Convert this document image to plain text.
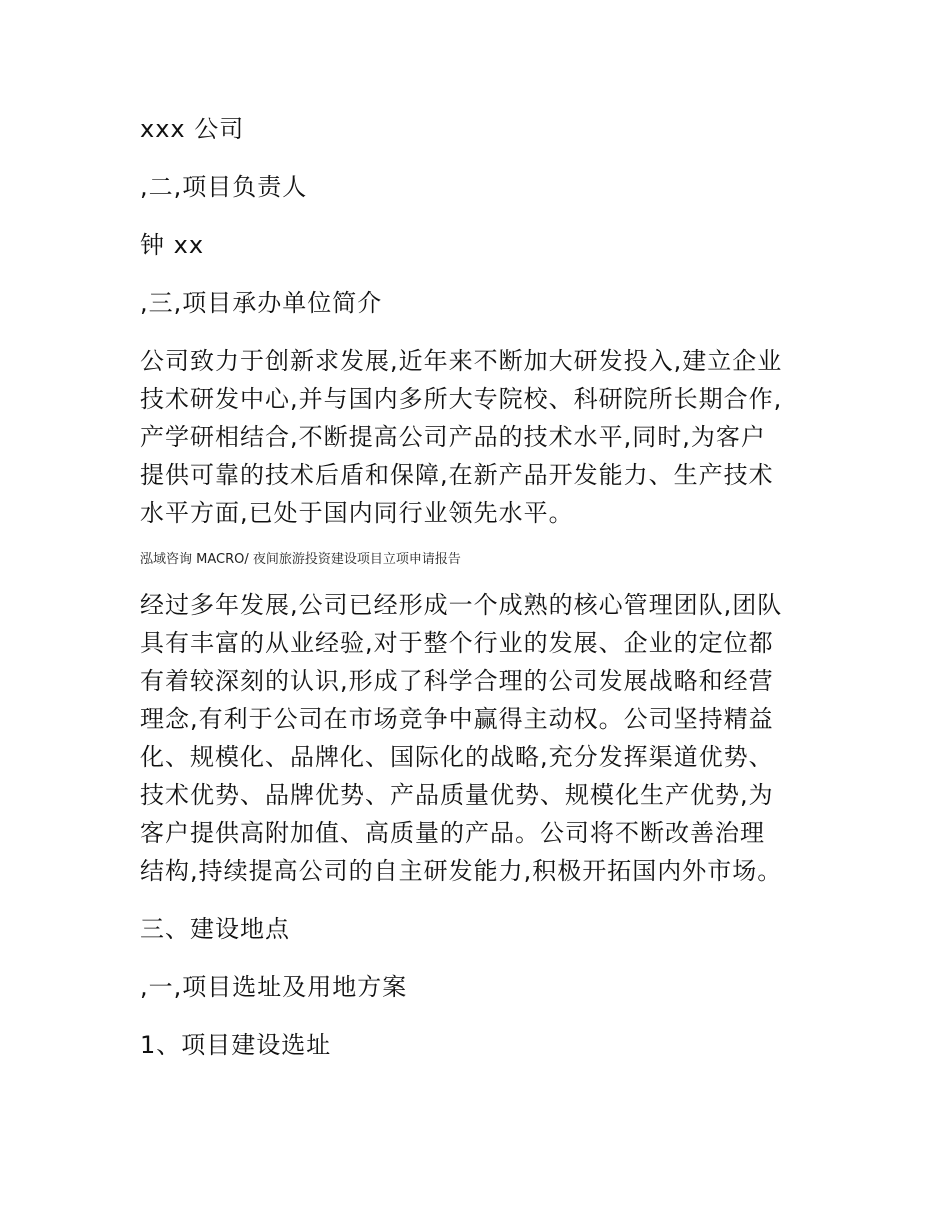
xxx 公司

,二,项目负责人

钟 xx

,三,项目承办单位简介

公司致力于创新求发展,近年来不断加大研发投入,建立企业

技术研发中心,并与国内多所大专院校、科研院所长期合作,

产学研相结合,不断提高公司产品的技术水平,同时,为客户

提供可靠的技术后盾和保障,在新产品开发能力、生产技术

水平方面,已处于国内同行业领先水平。

泓域咨询 MACRO/ 夜间旅游投资建设项目立项申请报告

经过多年发展,公司已经形成一个成熟的核心管理团队,团队

具有丰富的从业经验,对于整个行业的发展、企业的定位都

有着较深刻的认识,形成了科学合理的公司发展战略和经营

理念,有利于公司在市场竞争中赢得主动权。公司坚持精益

化、规模化、品牌化、国际化的战略,充分发挥渠道优势、

技术优势、品牌优势、产品质量优势、规模化生产优势,为

客户提供高附加值、高质量的产品。公司将不断改善治理

结构,持续提高公司的自主研发能力,积极开拓国内外市场。

三、建设地点

,一,项目选址及用地方案

1、项目建设选址
